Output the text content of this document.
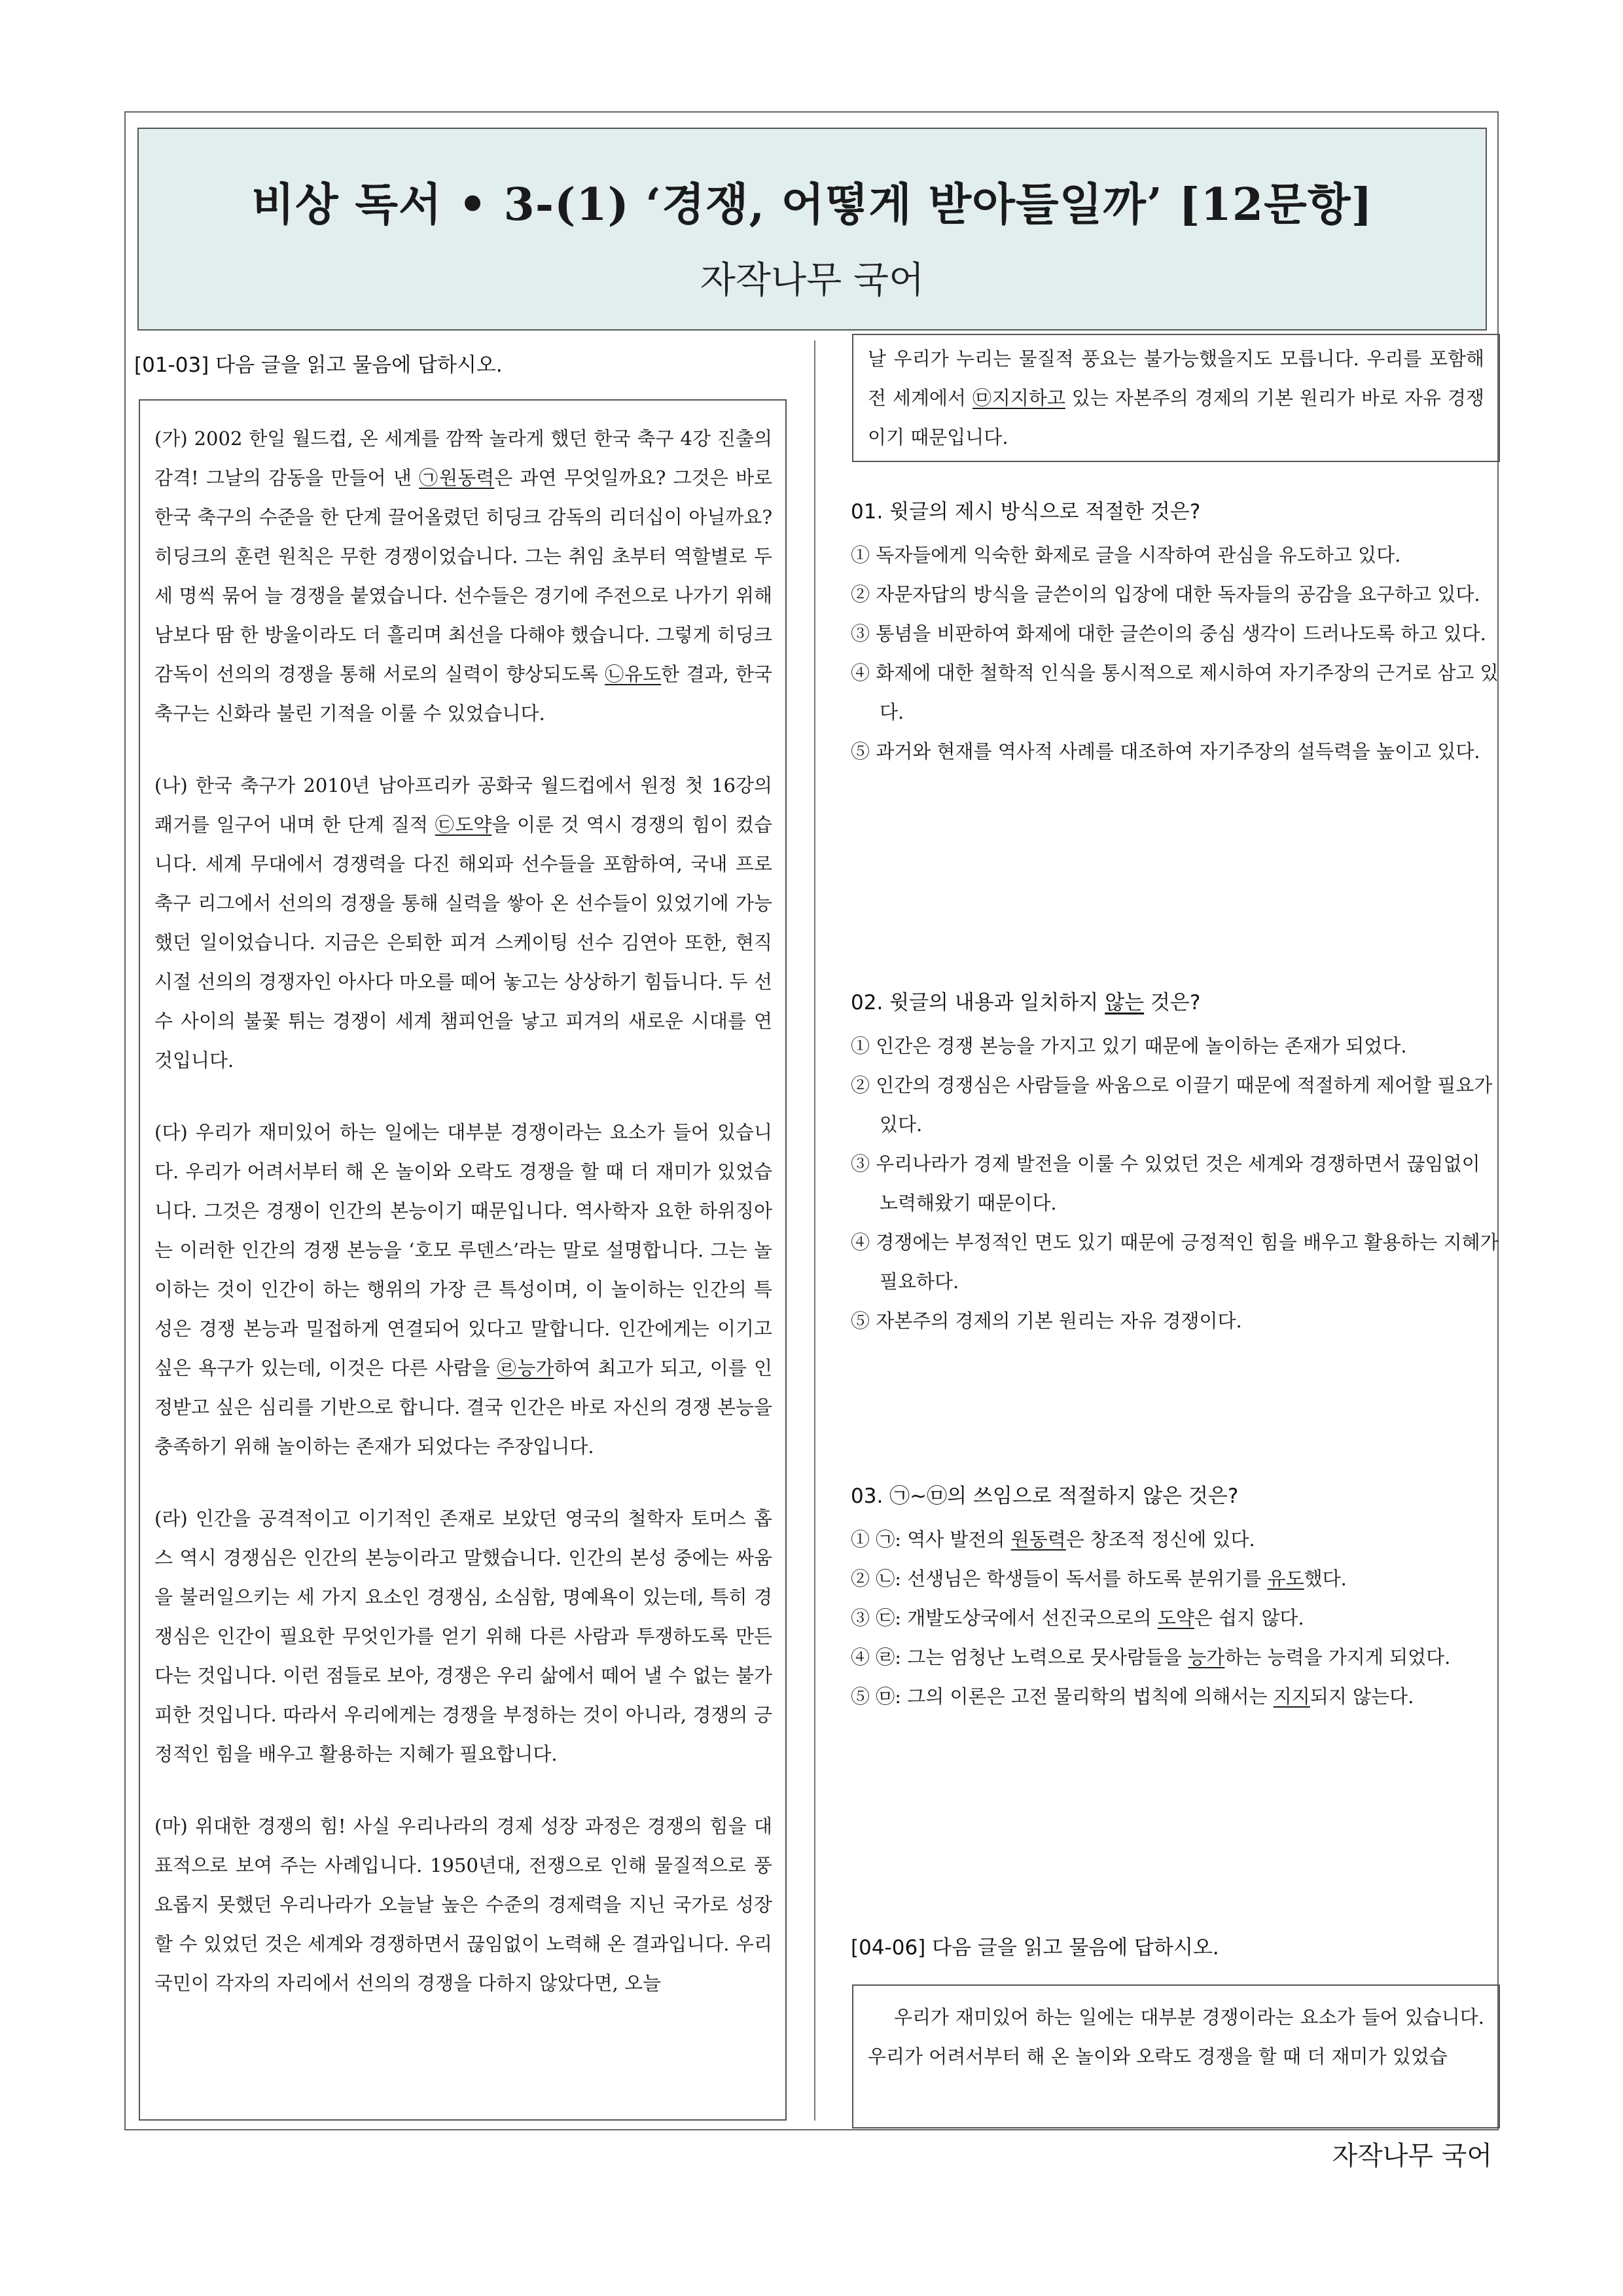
비상 독서 • 3-(1) ‘경쟁, 어떻게 받아들일까’ [12문항]
자작나무 국어
[01-03] 다음 글을 읽고 물음에 답하시오.

(가) 2002 한일 월드컵, 온 세계를 깜짝 놀라게 했던 한국 축구 4강 진출의 감격! 그날의 감동을 만들어 낸 ㉠원동력은 과연 무엇일까요? 그것은 바로 한국 축구의 수준을 한 단계 끌어올렸던 히딩크 감독의 리더십이 아닐까요? 히딩크의 훈련 원칙은 무한 경쟁이었습니다. 그는 취임 초부터 역할별로 두세 명씩 묶어 늘 경쟁을 붙였습니다. 선수들은 경기에 주전으로 나가기 위해 남보다 땀 한 방울이라도 더 흘리며 최선을 다해야 했습니다. 그렇게 히딩크 감독이 선의의 경쟁을 통해 서로의 실력이 향상되도록 ㉡유도한 결과, 한국 축구는 신화라 불린 기적을 이룰 수 있었습니다.

(나) 한국 축구가 2010년 남아프리카 공화국 월드컵에서 원정 첫 16강의 쾌거를 일구어 내며 한 단계 질적 ㉢도약을 이룬 것 역시 경쟁의 힘이 컸습니다. 세계 무대에서 경쟁력을 다진 해외파 선수들을 포함하여, 국내 프로 축구 리그에서 선의의 경쟁을 통해 실력을 쌓아 온 선수들이 있었기에 가능했던 일이었습니다. 지금은 은퇴한 피겨 스케이팅 선수 김연아 또한, 현직 시절 선의의 경쟁자인 아사다 마오를 떼어 놓고는 상상하기 힘듭니다. 두 선수 사이의 불꽃 튀는 경쟁이 세계 챔피언을 낳고 피겨의 새로운 시대를 연 것입니다.

(다) 우리가 재미있어 하는 일에는 대부분 경쟁이라는 요소가 들어 있습니다. 우리가 어려서부터 해 온 놀이와 오락도 경쟁을 할 때 더 재미가 있었습니다. 그것은 경쟁이 인간의 본능이기 때문입니다. 역사학자 요한 하위징아는 이러한 인간의 경쟁 본능을 ‘호모 루덴스’라는 말로 설명합니다. 그는 놀이하는 것이 인간이 하는 행위의 가장 큰 특성이며, 이 놀이하는 인간의 특성은 경쟁 본능과 밀접하게 연결되어 있다고 말합니다. 인간에게는 이기고 싶은 욕구가 있는데, 이것은 다른 사람을 ㉣능가하여 최고가 되고, 이를 인정받고 싶은 심리를 기반으로 합니다. 결국 인간은 바로 자신의 경쟁 본능을 충족하기 위해 놀이하는 존재가 되었다는 주장입니다.

(라) 인간을 공격적이고 이기적인 존재로 보았던 영국의 철학자 토머스 홉스 역시 경쟁심은 인간의 본능이라고 말했습니다. 인간의 본성 중에는 싸움을 불러일으키는 세 가지 요소인 경쟁심, 소심함, 명예욕이 있는데, 특히 경쟁심은 인간이 필요한 무엇인가를 얻기 위해 다른 사람과 투쟁하도록 만든다는 것입니다. 이런 점들로 보아, 경쟁은 우리 삶에서 떼어 낼 수 없는 불가피한 것입니다. 따라서 우리에게는 경쟁을 부정하는 것이 아니라, 경쟁의 긍정적인 힘을 배우고 활용하는 지혜가 필요합니다.

(마) 위대한 경쟁의 힘! 사실 우리나라의 경제 성장 과정은 경쟁의 힘을 대표적으로 보여 주는 사례입니다. 1950년대, 전쟁으로 인해 물질적으로 풍요롭지 못했던 우리나라가 오늘날 높은 수준의 경제력을 지닌 국가로 성장할 수 있었던 것은 세계와 경쟁하면서 끊임없이 노력해 온 결과입니다. 우리 국민이 각자의 자리에서 선의의 경쟁을 다하지 않았다면, 오늘

날 우리가 누리는 물질적 풍요는 불가능했을지도 모릅니다. 우리를 포함해 전 세계에서 ㉤지지하고 있는 자본주의 경제의 기본 원리가 바로 자유 경쟁이기 때문입니다.
01. 윗글의 제시 방식으로 적절한 것은?
① 독자들에게 익숙한 화제로 글을 시작하여 관심을 유도하고 있다.
② 자문자답의 방식을 글쓴이의 입장에 대한 독자들의 공감을 요구하고 있다.
③ 통념을 비판하여 화제에 대한 글쓴이의 중심 생각이 드러나도록 하고 있다.
④ 화제에 대한 철학적 인식을 통시적으로 제시하여 자기주장의 근거로 삼고 있다.
⑤ 과거와 현재를 역사적 사례를 대조하여 자기주장의 설득력을 높이고 있다.
02. 윗글의 내용과 일치하지 않는 것은?
① 인간은 경쟁 본능을 가지고 있기 때문에 놀이하는 존재가 되었다.
② 인간의 경쟁심은 사람들을 싸움으로 이끌기 때문에 적절하게 제어할 필요가 있다.
③ 우리나라가 경제 발전을 이룰 수 있었던 것은 세계와 경쟁하면서 끊임없이 노력해왔기 때문이다.
④ 경쟁에는 부정적인 면도 있기 때문에 긍정적인 힘을 배우고 활용하는 지혜가 필요하다.
⑤ 자본주의 경제의 기본 원리는 자유 경쟁이다.
03. ㉠~㉤의 쓰임으로 적절하지 않은 것은?
① ㉠: 역사 발전의 원동력은 창조적 정신에 있다.
② ㉡: 선생님은 학생들이 독서를 하도록 분위기를 유도했다.
③ ㉢: 개발도상국에서 선진국으로의 도약은 쉽지 않다.
④ ㉣: 그는 엄청난 노력으로 뭇사람들을 능가하는 능력을 가지게 되었다.
⑤ ㉤: 그의 이론은 고전 물리학의 법칙에 의해서는 지지되지 않는다.
[04-06] 다음 글을 읽고 물음에 답하시오.
우리가 재미있어 하는 일에는 대부분 경쟁이라는 요소가 들어 있습니다. 우리가 어려서부터 해 온 놀이와 오락도 경쟁을 할 때 더 재미가 있었습
자작나무 국어
